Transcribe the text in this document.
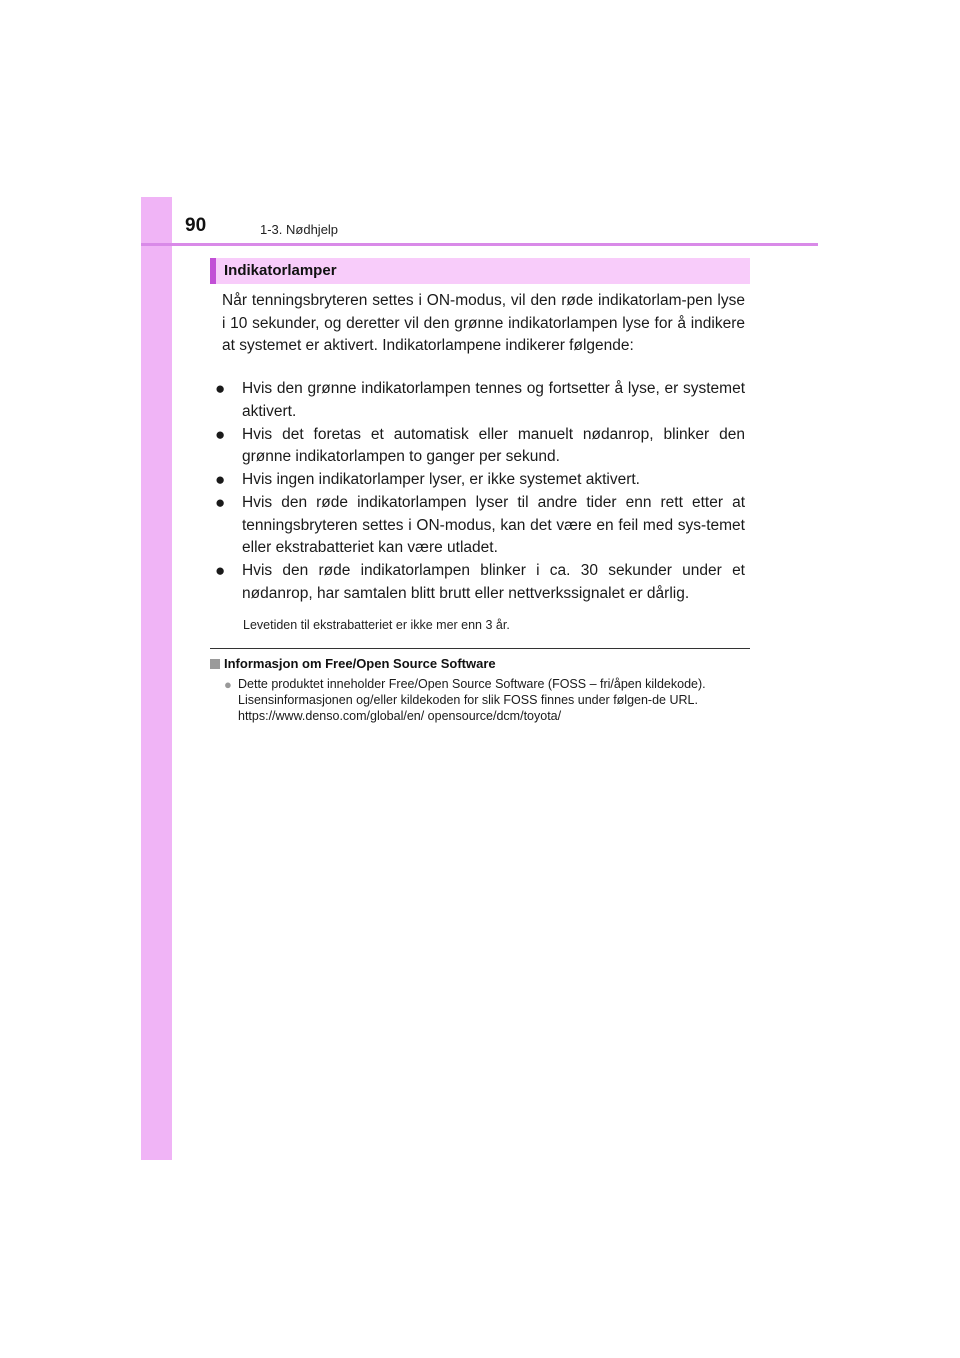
90	1-3. Nødhjelp
Indikatorlamper
Når tenningsbryteren settes i ON-modus, vil den røde indikatorlam-pen lyse i 10 sekunder, og deretter vil den grønne indikatorlampen lyse for å indikere at systemet er aktivert. Indikatorlampene indikerer følgende:
●	Hvis den grønne indikatorlampen tennes og fortsetter å lyse, er systemet aktivert.
●	Hvis det foretas et automatisk eller manuelt nødanrop, blinker den grønne indikatorlampen to ganger per sekund.
●	Hvis ingen indikatorlamper lyser, er ikke systemet aktivert.
●	Hvis den røde indikatorlampen lyser til andre tider enn rett etter at tenningsbryteren settes i ON-modus, kan det være en feil med sys-temet eller ekstrabatteriet kan være utladet.
●	Hvis den røde indikatorlampen blinker i ca. 30 sekunder under et nødanrop, har samtalen blitt brutt eller nettverkssignalet er dårlig.
Levetiden til ekstrabatteriet er ikke mer enn 3 år.
Informasjon om Free/Open Source Software
● Dette produktet inneholder Free/Open Source Software (FOSS – fri/åpen kildekode).

Lisensinformasjonen og/eller kildekoden for slik FOSS finnes under følgen-de URL.

https://www.denso.com/global/en/ opensource/dcm/toyota/
